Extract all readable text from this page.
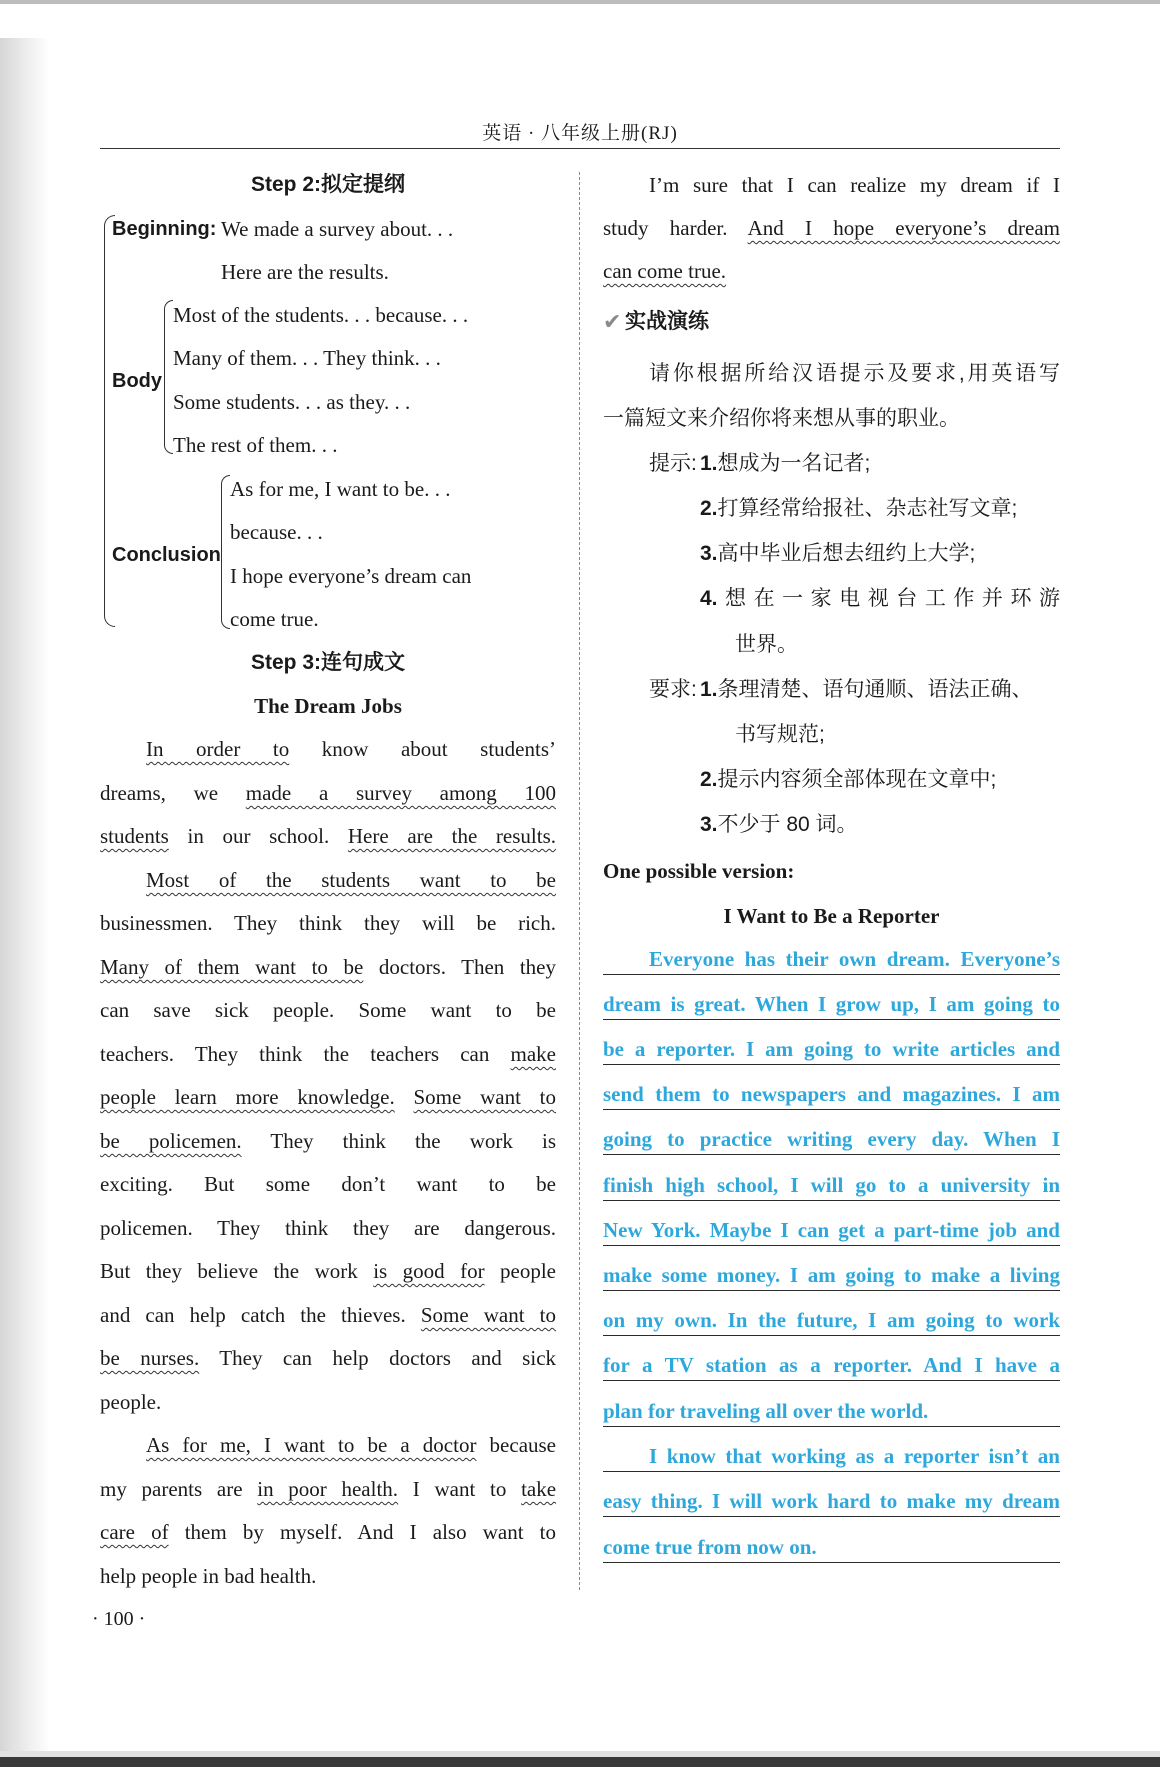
英语 · 八年级上册(RJ)
Step 2:拟定提纲
Beginning: We made a survey about. . .
Here are the results.
Body
Most of the students. . . because. . .
Many of them. . . They think. . .
Some students. . . as they. . .
The rest of them. . .
Conclusion
As for me, I want to be. . .
because. . .
I hope everyone’s dream can
come true.
Step 3:连句成文
The Dream Jobs
In order to know about students’
dreams, we made a survey among 100
students in our school. Here are the results.
Most of the students want to be
businessmen. They think they will be rich.
Many of them want to be doctors. Then they
can save sick people. Some want to be
teachers. They think the teachers can make
people learn more knowledge. Some want to
be policemen. They think the work is
exciting. But some don’t want to be
policemen. They think they are dangerous.
But they believe the work is good for people
and can help catch the thieves. Some want to
be nurses. They can help doctors and sick
people.
As for me, I want to be a doctor because
my parents are in poor health. I want to take
care of them by myself. And I also want to
help people in bad health.
I’m sure that I can realize my dream if I
study harder. And I hope everyone’s dream
can come true.
✔ 实战演练
请你根据所给汉语提示及要求,用英语写
一篇短文来介绍你将来想从事的职业。
提示: 1.想成为一名记者;
2.打算经常给报社、杂志社写文章;
3.高中毕业后想去纽约上大学;
4.想在一家电视台工作并环游
世界。
要求: 1.条理清楚、语句通顺、语法正确、
书写规范;
2.提示内容须全部体现在文章中;
3.不少于 80 词。
One possible version:
I Want to Be a Reporter
Everyone has their own dream. Everyone’s
dream is great. When I grow up, I am going to
be a reporter. I am going to write articles and
send them to newspapers and magazines. I am
going to practice writing every day. When I
finish high school, I will go to a university in
New York. Maybe I can get a part-time job and
make some money. I am going to make a living
on my own. In the future, I am going to work
for a TV station as a reporter. And I have a
plan for traveling all over the world.
I know that working as a reporter isn’t an
easy thing. I will work hard to make my dream
come true from now on.
· 100 ·
